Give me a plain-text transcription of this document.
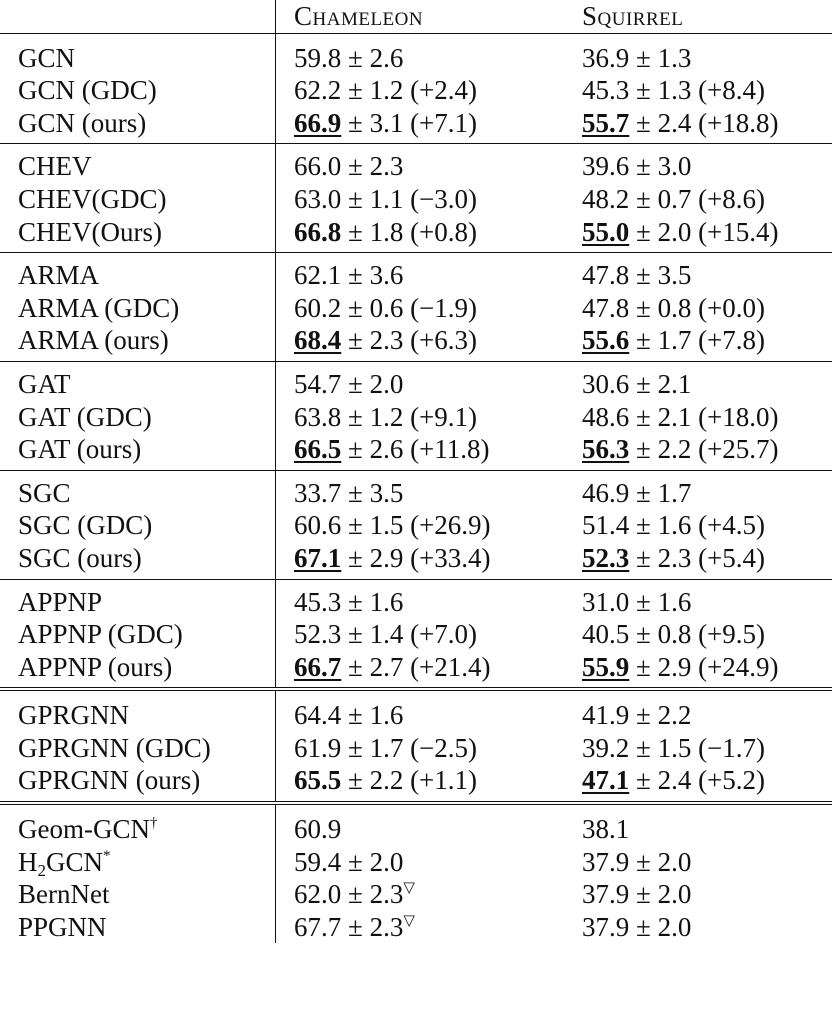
	Chameleon	Squirrel
GCN	59.8 ± 2.6	36.9 ± 1.3
GCN (GDC)	62.2 ± 1.2 (+2.4)	45.3 ± 1.3 (+8.4)
GCN (ours)	66.9 ± 3.1 (+7.1)	55.7 ± 2.4 (+18.8)
CHEV	66.0 ± 2.3	39.6 ± 3.0
CHEV(GDC)	63.0 ± 1.1 (−3.0)	48.2 ± 0.7 (+8.6)
CHEV(Ours)	66.8 ± 1.8 (+0.8)	55.0 ± 2.0 (+15.4)
ARMA	62.1 ± 3.6	47.8 ± 3.5
ARMA (GDC)	60.2 ± 0.6 (−1.9)	47.8 ± 0.8 (+0.0)
ARMA (ours)	68.4 ± 2.3 (+6.3)	55.6 ± 1.7 (+7.8)
GAT	54.7 ± 2.0	30.6 ± 2.1
GAT (GDC)	63.8 ± 1.2 (+9.1)	48.6 ± 2.1 (+18.0)
GAT (ours)	66.5 ± 2.6 (+11.8)	56.3 ± 2.2 (+25.7)
SGC	33.7 ± 3.5	46.9 ± 1.7
SGC (GDC)	60.6 ± 1.5 (+26.9)	51.4 ± 1.6 (+4.5)
SGC (ours)	67.1 ± 2.9 (+33.4)	52.3 ± 2.3 (+5.4)
APPNP	45.3 ± 1.6	31.0 ± 1.6
APPNP (GDC)	52.3 ± 1.4 (+7.0)	40.5 ± 0.8 (+9.5)
APPNP (ours)	66.7 ± 2.7 (+21.4)	55.9 ± 2.9 (+24.9)
GPRGNN	64.4 ± 1.6	41.9 ± 2.2
GPRGNN (GDC)	61.9 ± 1.7 (−2.5)	39.2 ± 1.5 (−1.7)
GPRGNN (ours)	65.5 ± 2.2 (+1.1)	47.1 ± 2.4 (+5.2)
Geom-GCN†	60.9	38.1
$H_2GCN^*$	59.4 ± 2.0	37.9 ± 2.0
BernNet	62.0 ± 2.3▽	37.9 ± 2.0
PPGNN	67.7 ± 2.3▽	37.9 ± 2.0
